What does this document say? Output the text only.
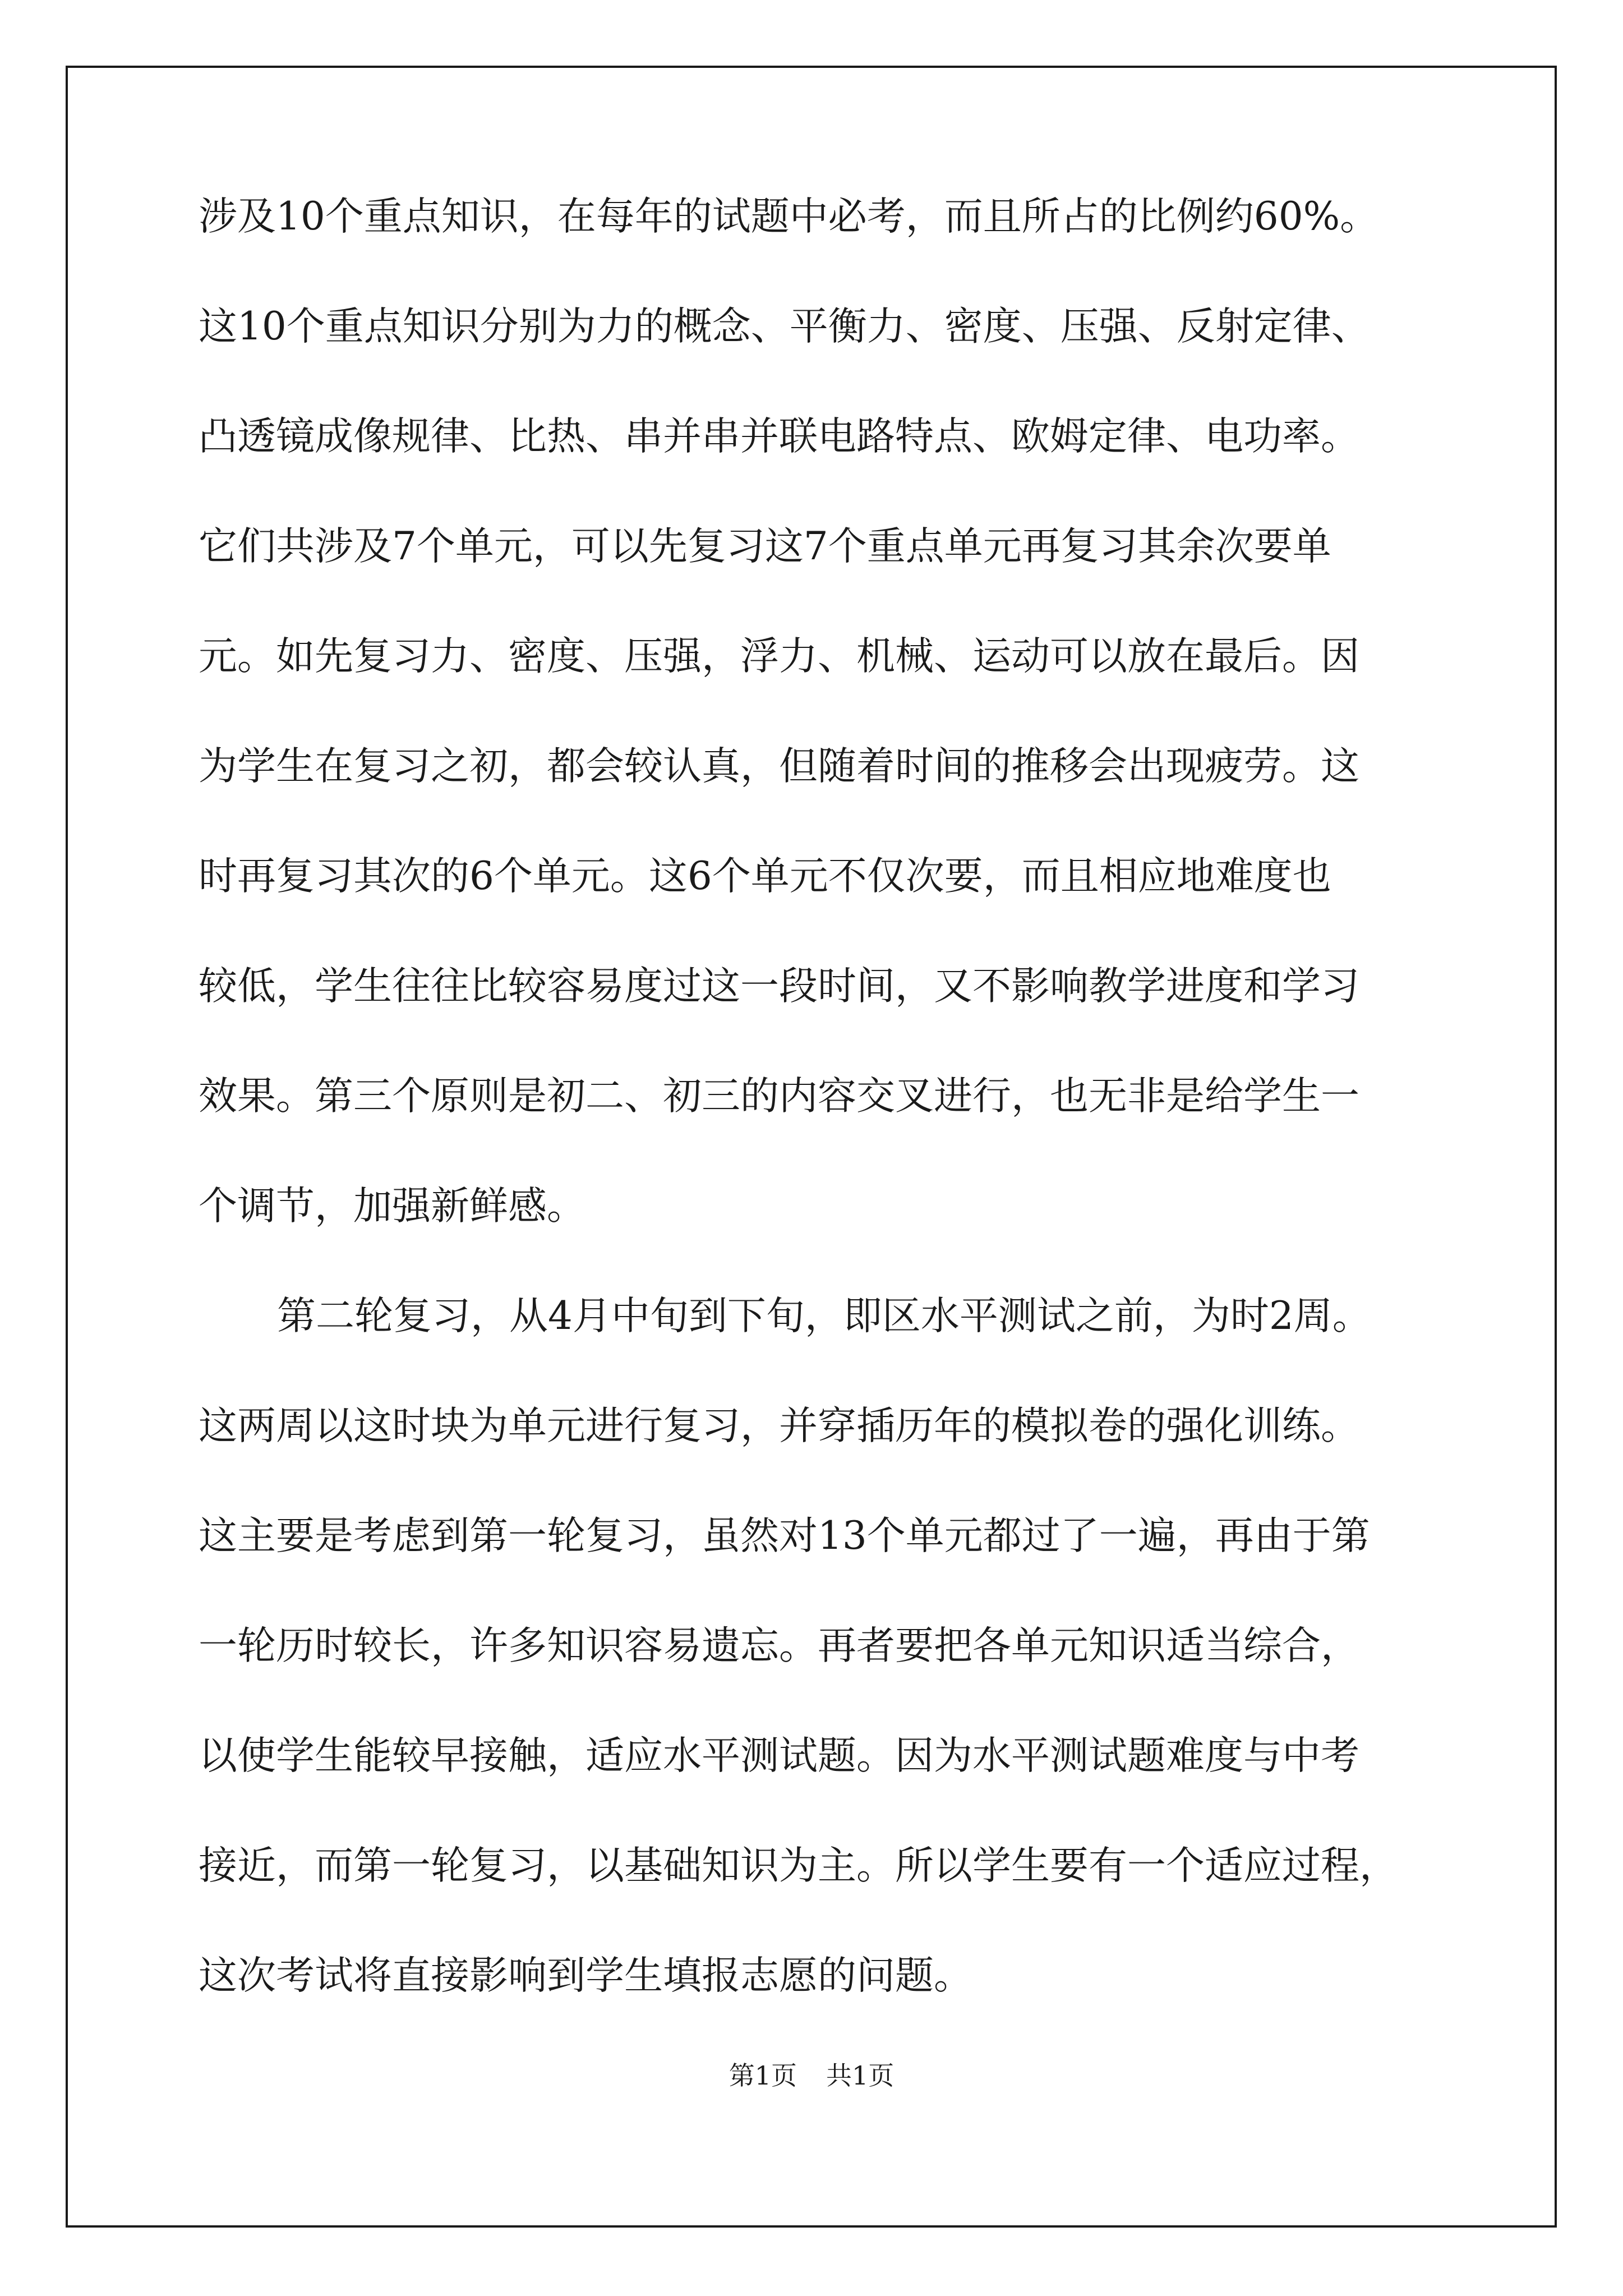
涉及10个重点知识，在每年的试题中必考，而且所占的比例约60%。
这10个重点知识分别为力的概念、平衡力、密度、压强、反射定律、
凸透镜成像规律、比热、串并串并联电路特点、欧姆定律、电功率。
它们共涉及7个单元，可以先复习这7个重点单元再复习其余次要单
元。如先复习力、密度、压强，浮力、机械、运动可以放在最后。因
为学生在复习之初，都会较认真，但随着时间的推移会出现疲劳。这
时再复习其次的6个单元。这6个单元不仅次要，而且相应地难度也
较低，学生往往比较容易度过这一段时间，又不影响教学进度和学习
效果。第三个原则是初二、初三的内容交叉进行，也无非是给学生一
个调节，加强新鲜感。
第二轮复习，从4月中旬到下旬，即区水平测试之前，为时2周。
这两周以这时块为单元进行复习，并穿插历年的模拟卷的强化训练。
这主要是考虑到第一轮复习，虽然对13个单元都过了一遍，再由于第
一轮历时较长，许多知识容易遗忘。再者要把各单元知识适当综合，
以使学生能较早接触，适应水平测试题。因为水平测试题难度与中考
接近，而第一轮复习，以基础知识为主。所以学生要有一个适应过程，
这次考试将直接影响到学生填报志愿的问题。
第1页 共1页
